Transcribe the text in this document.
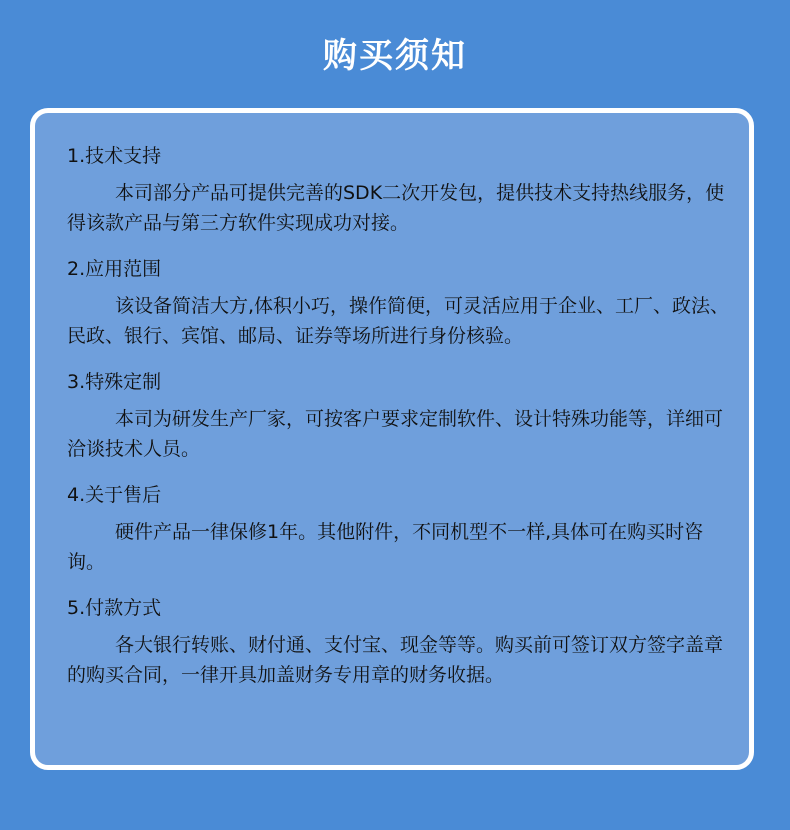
购买须知
1.技术支持
本司部分产品可提供完善的SDK二次开发包，提供技术支持热线服务，使得该款产品与第三方软件实现成功对接。
2.应用范围
该设备简洁大方,体积小巧，操作简便，可灵活应用于企业、工厂、政法、民政、银行、宾馆、邮局、证券等场所进行身份核验。
3.特殊定制
本司为研发生产厂家，可按客户要求定制软件、设计特殊功能等，详细可洽谈技术人员。
4.关于售后
硬件产品一律保修1年。其他附件，不同机型不一样,具体可在购买时咨询。
5.付款方式
各大银行转账、财付通、支付宝、现金等等。购买前可签订双方签字盖章的购买合同，一律开具加盖财务专用章的财务收据。
